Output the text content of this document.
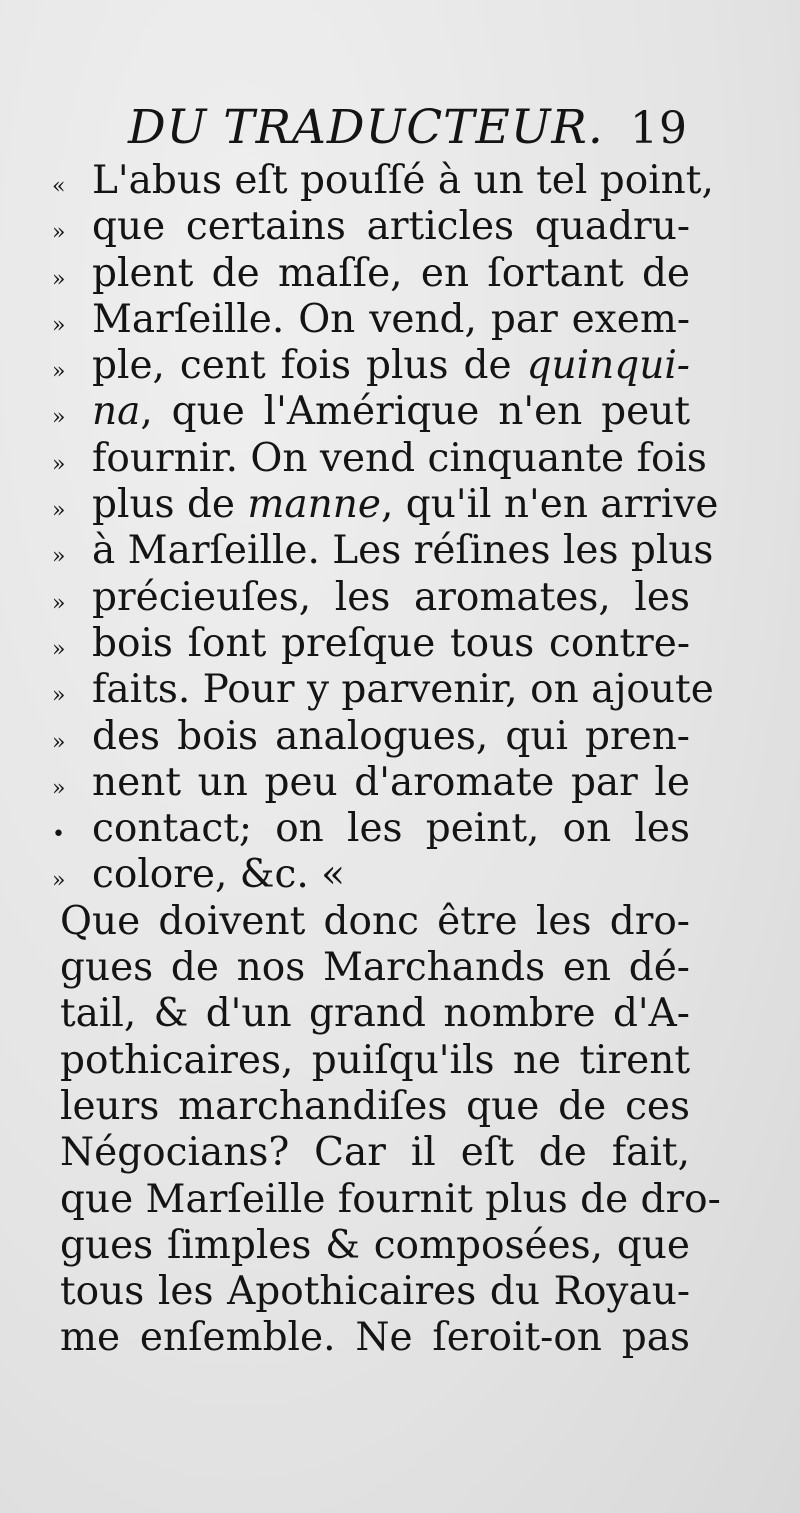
DU TRADUCTEUR. 19
« L'abus eſt pouſſé à un tel point,
» que certains articles quadru-
» plent de maſſe, en ſortant de
» Marſeille. On vend, par exem-
» ple, cent fois plus de quinqui-
» na, que l'Amérique n'en peut
» fournir. On vend cinquante fois
» plus de manne, qu'il n'en arrive
» à Marſeille. Les réſines les plus
» précieuſes, les aromates, les
» bois ſont preſque tous contre-
» faits. Pour y parvenir, on ajoute
» des bois analogues, qui pren-
» nent un peu d'aromate par le
• contact; on les peint, on les
» colore, &c. «
Que doivent donc être les dro-
gues de nos Marchands en dé-
tail, & d'un grand nombre d'A-
pothicaires, puiſqu'ils ne tirent
leurs marchandiſes que de ces
Négocians? Car il eſt de fait,
que Marſeille fournit plus de dro-
gues ſimples & composées, que
tous les Apothicaires du Royau-
me enſemble. Ne ſeroit-on pas
